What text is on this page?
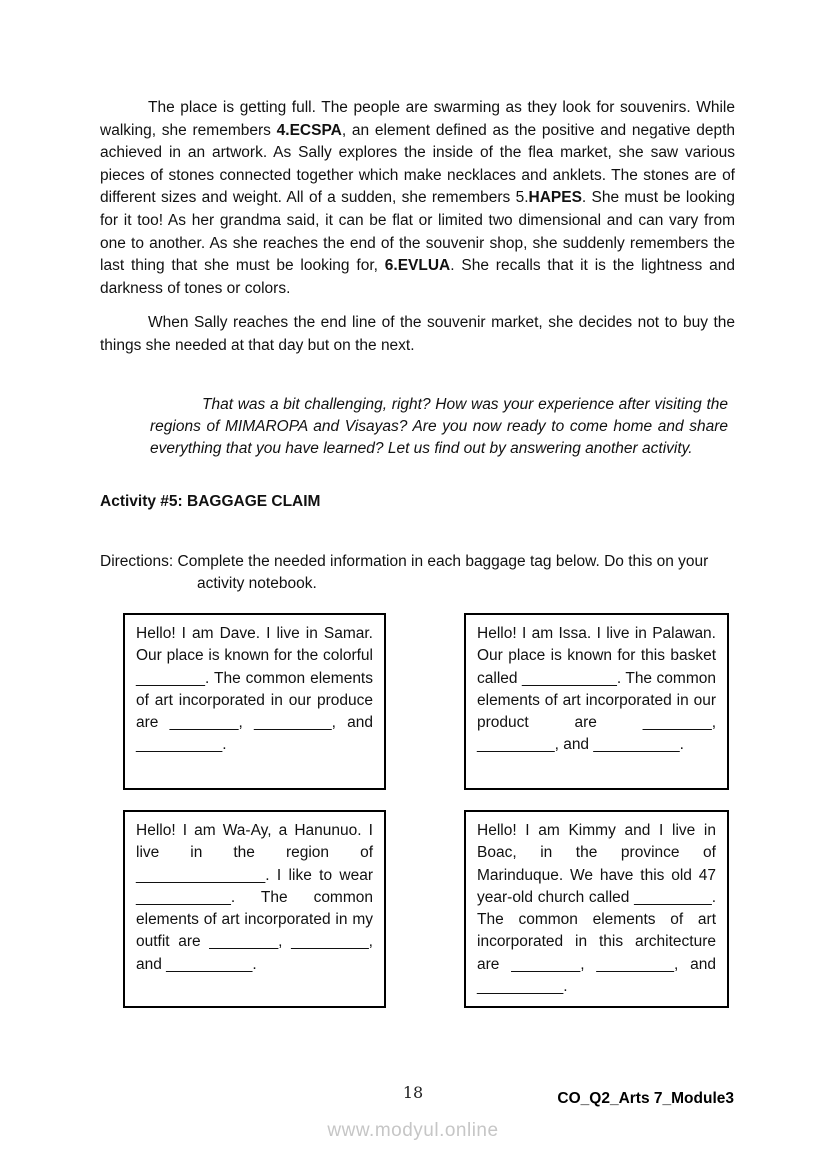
The place is getting full. The people are swarming as they look for souvenirs. While walking, she remembers 4.ECSPA, an element defined as the positive and negative depth achieved in an artwork. As Sally explores the inside of the flea market, she saw various pieces of stones connected together which make necklaces and anklets. The stones are of different sizes and weight. All of a sudden, she remembers 5.HAPES. She must be looking for it too! As her grandma said, it can be flat or limited two dimensional and can vary from one to another. As she reaches the end of the souvenir shop, she suddenly remembers the last thing that she must be looking for, 6.EVLUA. She recalls that it is the lightness and darkness of tones or colors.

When Sally reaches the end line of the souvenir market, she decides not to buy the things she needed at that day but on the next.

That was a bit challenging, right? How was your experience after visiting the regions of MIMAROPA and Visayas? Are you now ready to come home and share everything that you have learned? Let us find out by answering another activity.
Activity #5: BAGGAGE CLAIM

Directions: Complete the needed information in each baggage tag below. Do this on your activity notebook.

Hello! I am Dave. I live in Samar. Our place is known for the colorful ________. The common elements of art incorporated in our produce are ________, _________, and __________.
Hello! I am Issa. I live in Palawan. Our place is known for this basket called ___________. The common elements of art incorporated in our product are ________, _________, and __________.
Hello! I am Wa-Ay, a Hanunuo. I live in the region of _______________. I like to wear ___________. The common elements of art incorporated in my outfit are ________, _________, and __________.
Hello! I am Kimmy and I live in Boac, in the province of Marinduque. We have this old 47 year-old church called _________. The common elements of art incorporated in this architecture are ________, _________, and __________.
18	CO_Q2_Arts 7_Module3
www.modyul.online
